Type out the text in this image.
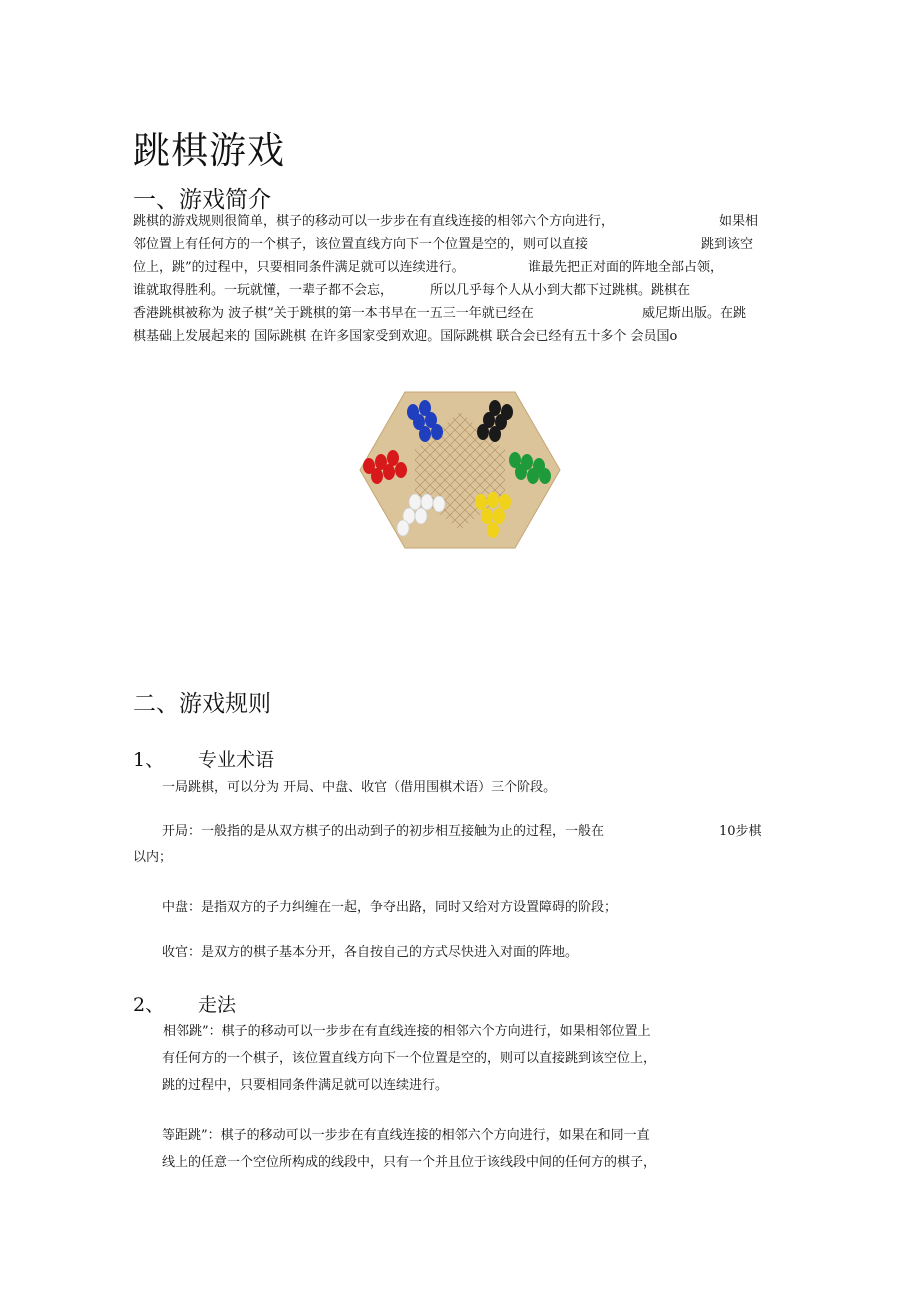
跳棋游戏
一、游戏简介
跳棋的游戏规则很简单，棋子的移动可以一步步在有直线连接的相邻六个方向进行，	如果相
邻位置上有任何方的一个棋子，该位置直线方向下一个位置是空的，则可以直接	跳到该空
位上，跳”的过程中，只要相同条件满足就可以连续进行。	谁最先把正对面的阵地全部占领，
谁就取得胜利。一玩就懂，一辈子都不会忘，	所以几乎每个人从小到大都下过跳棋。跳棋在
香港跳棋被称为 波子棋”关于跳棋的第一本书早在一五三一年就已经在	威尼斯出版。在跳
棋基础上发展起来的 国际跳棋 在许多国家受到欢迎。国际跳棋 联合会已经有五十多个 会员国o
二、游戏规则
1、 专业术语
一局跳棋，可以分为 开局、中盘、收官（借用围棋术语）三个阶段。
开局：一般指的是从双方棋子的出动到子的初步相互接触为止的过程，一般在	10步棋
以内；
中盘：是指双方的子力纠缠在一起，争夺出路，同时又给对方设置障碍的阶段；
收官：是双方的棋子基本分开，各自按自己的方式尽快进入对面的阵地。
2、 走法
相邻跳”：棋子的移动可以一步步在有直线连接的相邻六个方向进行，如果相邻位置上
有任何方的一个棋子，该位置直线方向下一个位置是空的，则可以直接跳到该空位上，
跳的过程中，只要相同条件满足就可以连续进行。
等距跳”：棋子的移动可以一步步在有直线连接的相邻六个方向进行，如果在和同一直
线上的任意一个空位所构成的线段中，只有一个并且位于该线段中间的任何方的棋子，
